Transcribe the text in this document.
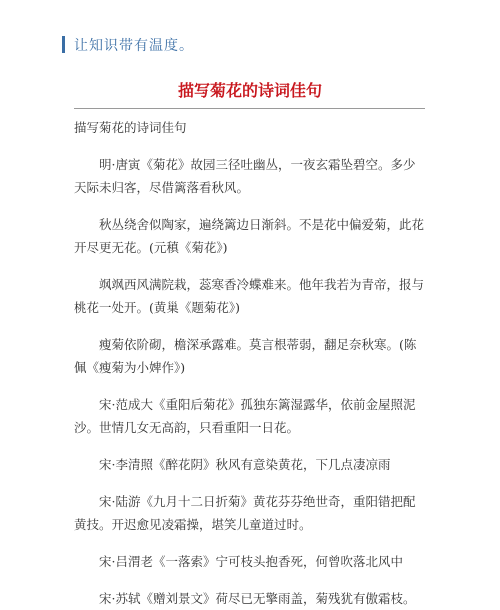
让知识带有温度。
描写菊花的诗词佳句

描写菊花的诗词佳句

明·唐寅《菊花》故园三径吐幽丛，一夜玄霜坠碧空。多少天际未归客，尽借篱落看秋风。

秋丛绕舍似陶家，遍绕篱边日渐斜。不是花中偏爱菊，此花开尽更无花。(元稹《菊花》)

飒飒西风满院栽，蕊寒香冷蝶难来。他年我若为青帝，报与桃花一处开。(黄巢《题菊花》)

瘦菊依阶砌，檐深承露难。莫言根蒂弱，翻足奈秋寒。(陈佩《瘦菊为小婢作》)

宋·范成大《重阳后菊花》孤独东篱湿露华，依前金屋照泥沙。世情几女无高韵，只看重阳一日花。

宋·李清照《醉花阴》秋风有意染黄花，下几点凄凉雨

宋·陆游《九月十二日折菊》黄花芬芬绝世奇，重阳错把配黄技。开迟愈见凌霜操，堪笑儿童道过时。

宋·吕渭老《一落索》宁可枝头抱香死，何曾吹落北风中

宋·苏轼《赠刘景文》荷尽已无擎雨盖，菊残犹有傲霜枝。
